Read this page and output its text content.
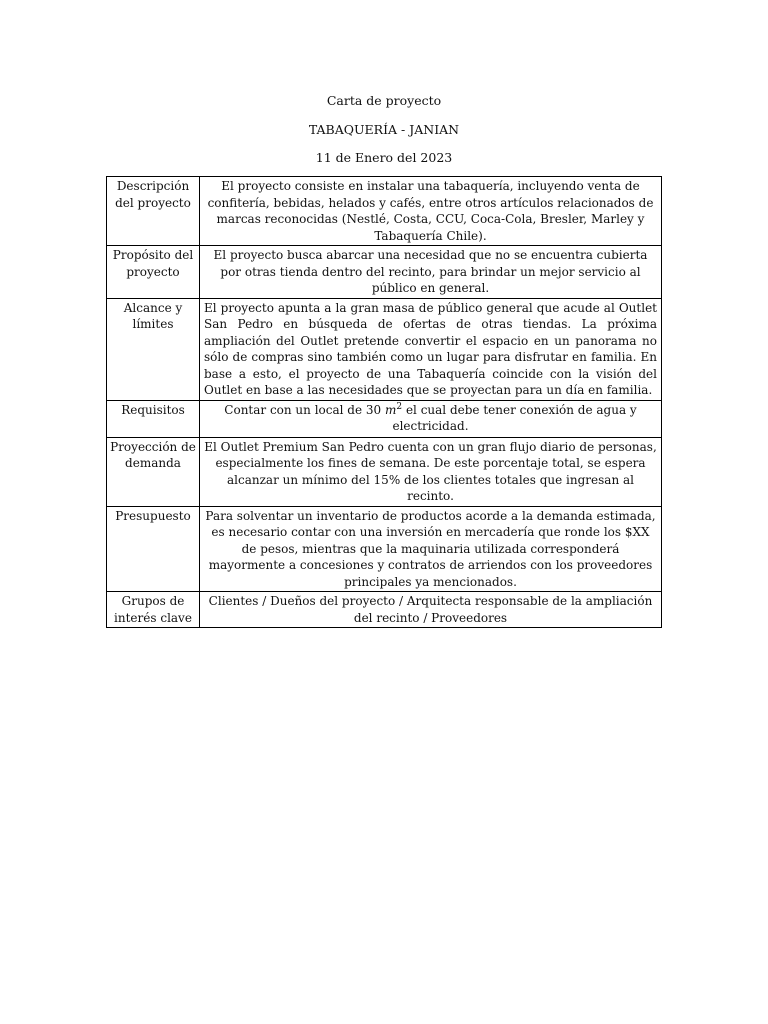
Carta de proyecto
TABAQUERÍA - JANIAN
11 de Enero del 2023
Descripción del proyecto	El proyecto consiste en instalar una tabaquería, incluyendo venta de confitería, bebidas, helados y cafés, entre otros artículos relacionados de marcas reconocidas (Nestlé, Costa, CCU, Coca-Cola, Bresler, Marley y Tabaquería Chile).
Propósito del proyecto	El proyecto busca abarcar una necesidad que no se encuentra cubierta por otras tienda dentro del recinto, para brindar un mejor servicio al público en general.
Alcance y límites	El proyecto apunta a la gran masa de público general que acude al Outlet San Pedro en búsqueda de ofertas de otras tiendas. La próxima ampliación del Outlet pretende convertir el espacio en un panorama no sólo de compras sino también como un lugar para disfrutar en familia. En base a esto, el proyecto de una Tabaquería coincide con la visión del Outlet en base a las necesidades que se proyectan para un día en familia.
Requisitos	Contar con un local de 30 $m^2$ el cual debe tener conexión de agua y electricidad.
Proyección de demanda	El Outlet Premium San Pedro cuenta con un gran flujo diario de personas, especialmente los fines de semana. De este porcentaje total, se espera alcanzar un mínimo del 15% de los clientes totales que ingresan al recinto.
Presupuesto	Para solventar un inventario de productos acorde a la demanda estimada, es necesario contar con una inversión en mercadería que ronde los $XX de pesos, mientras que la maquinaria utilizada corresponderá mayormente a concesiones y contratos de arriendos con los proveedores principales ya mencionados.
Grupos de interés clave	Clientes / Dueños del proyecto / Arquitecta responsable de la ampliación del recinto / Proveedores
